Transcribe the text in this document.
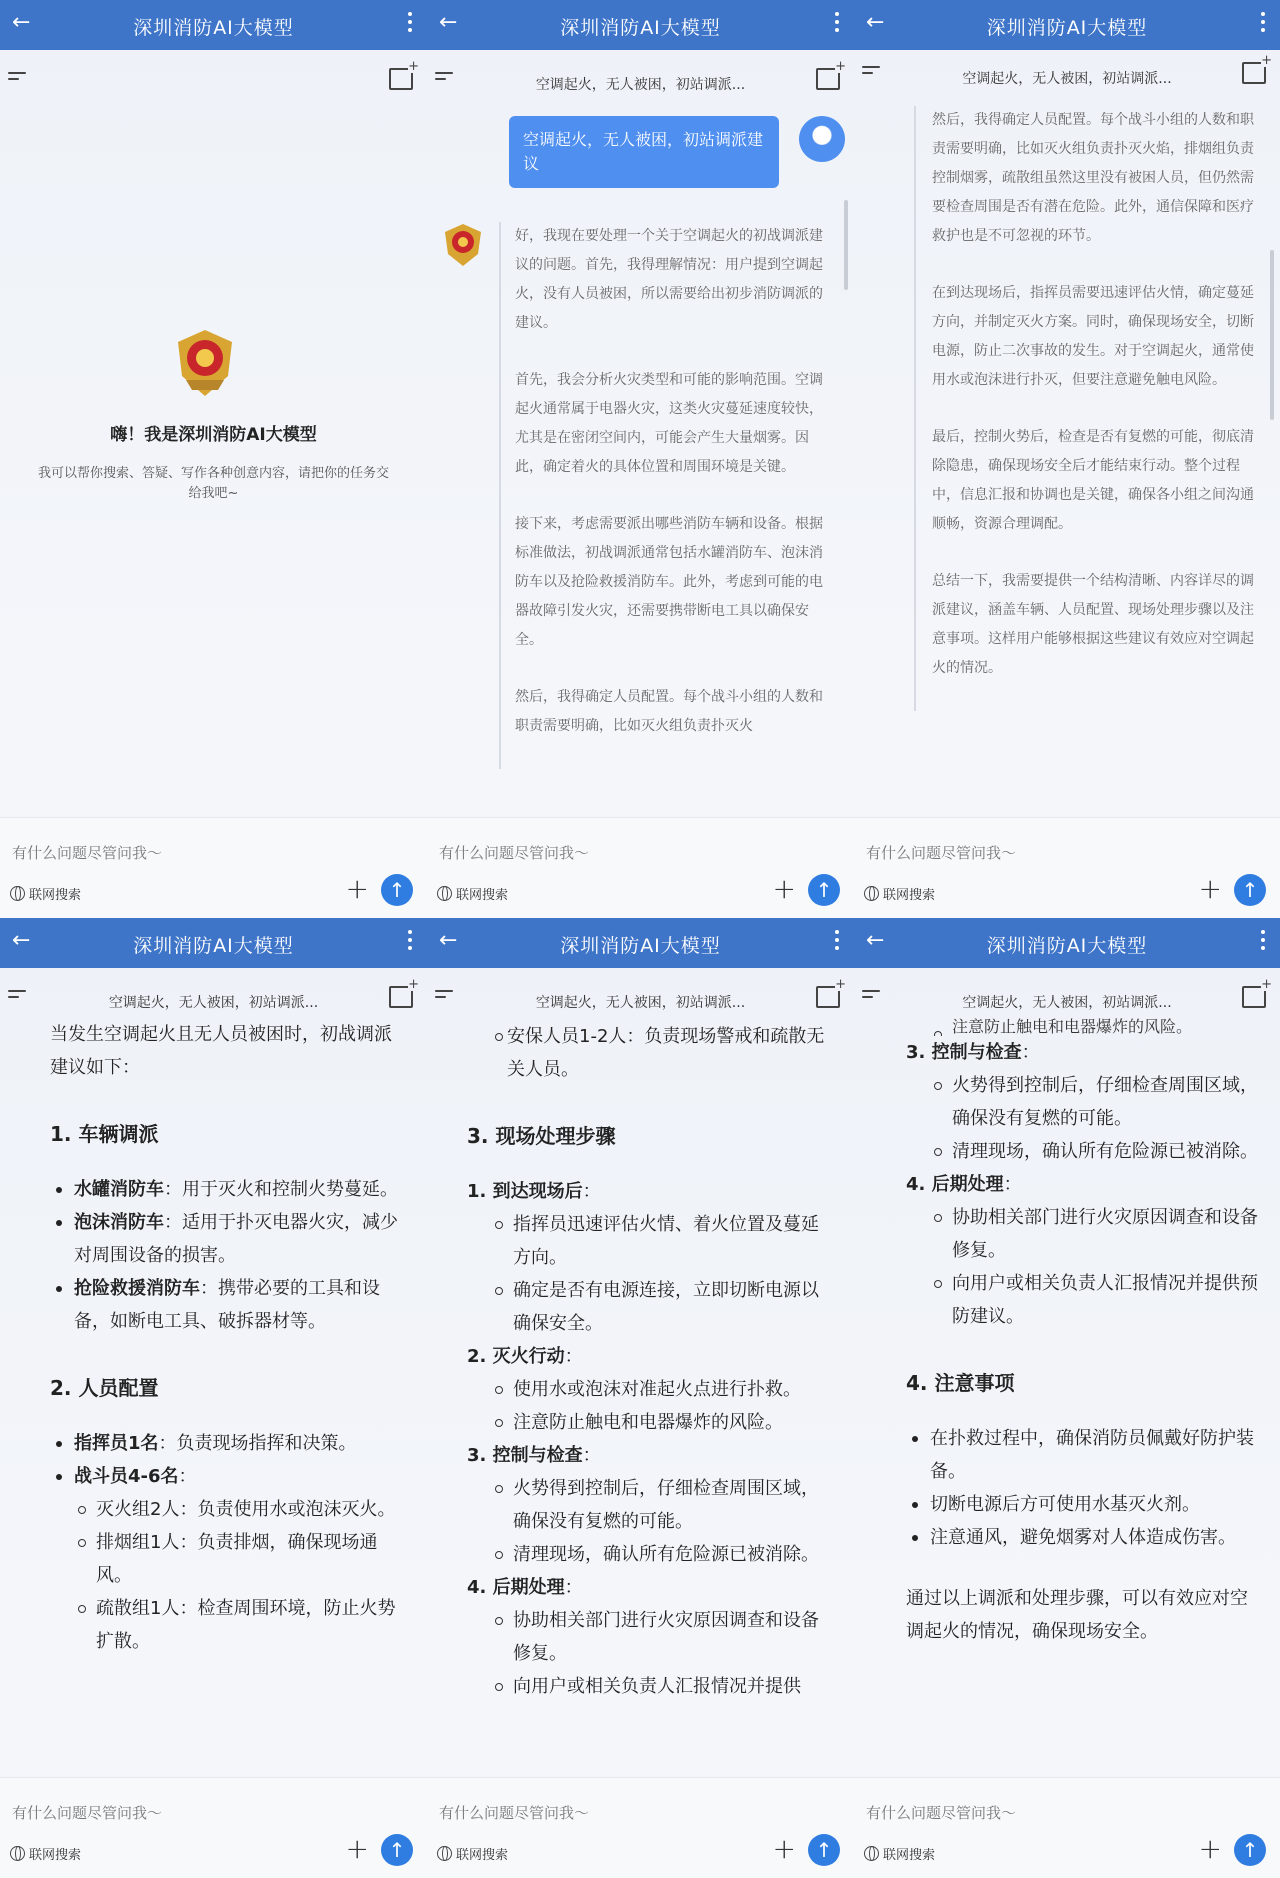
←	深圳消防AI大模型
+
嗨！我是深圳消防AI大模型
我可以帮你搜索、答疑、写作各种创意内容，请把你的任务交给我吧~
有什么问题尽管问我～
联网搜索	+ ↑
←	深圳消防AI大模型
空调起火，无人被困，初站调派...
+
空调起火，无人被困，初站调派建议

好，我现在要处理一个关于空调起火的初战调派建议的问题。首先，我得理解情况：用户提到空调起火，没有人员被困，所以需要给出初步消防调派的建议。

首先，我会分析火灾类型和可能的影响范围。空调起火通常属于电器火灾，这类火灾蔓延速度较快，尤其是在密闭空间内，可能会产生大量烟雾。因此，确定着火的具体位置和周围环境是关键。

接下来，考虑需要派出哪些消防车辆和设备。根据标准做法，初战调派通常包括水罐消防车、泡沫消防车以及抢险救援消防车。此外，考虑到可能的电器故障引发火灾，还需要携带断电工具以确保安全。

然后，我得确定人员配置。每个战斗小组的人数和职责需要明确，比如灭火组负责扑灭火

有什么问题尽管问我～
联网搜索	+ ↑
←	深圳消防AI大模型
空调起火，无人被困，初站调派...
+

然后，我得确定人员配置。每个战斗小组的人数和职责需要明确，比如灭火组负责扑灭火焰，排烟组负责控制烟雾，疏散组虽然这里没有被困人员，但仍然需要检查周围是否有潜在危险。此外，通信保障和医疗救护也是不可忽视的环节。

在到达现场后，指挥员需要迅速评估火情，确定蔓延方向，并制定灭火方案。同时，确保现场安全，切断电源，防止二次事故的发生。对于空调起火，通常使用水或泡沫进行扑灭，但要注意避免触电风险。

最后，控制火势后，检查是否有复燃的可能，彻底清除隐患，确保现场安全后才能结束行动。整个过程中，信息汇报和协调也是关键，确保各小组之间沟通顺畅，资源合理调配。

总结一下，我需要提供一个结构清晰、内容详尽的调派建议，涵盖车辆、人员配置、现场处理步骤以及注意事项。这样用户能够根据这些建议有效应对空调起火的情况。

有什么问题尽管问我～
联网搜索	+ ↑
←	深圳消防AI大模型
空调起火，无人被困，初站调派...
+

当发生空调起火且无人员被困时，初战调派建议如下：

1. 车辆调派
水罐消防车：用于灭火和控制火势蔓延。
泡沫消防车：适用于扑灭电器火灾，减少对周围设备的损害。
抢险救援消防车：携带必要的工具和设备，如断电工具、破拆器材等。
2. 人员配置
指挥员1名：负责现场指挥和决策。
战斗员4-6名：
灭火组2人：负责使用水或泡沫灭火。
排烟组1人：负责排烟，确保现场通风。
疏散组1人：检查周围环境，防止火势扩散。
有什么问题尽管问我～
联网搜索	+ ↑
←	深圳消防AI大模型
空调起火，无人被困，初站调派...
+
安保人员1-2人：负责现场警戒和疏散无关人员。
3. 现场处理步骤
1. 到达现场后：
指挥员迅速评估火情、着火位置及蔓延方向。
确定是否有电源连接，立即切断电源以确保安全。
2. 灭火行动：
使用水或泡沫对准起火点进行扑救。
注意防止触电和电器爆炸的风险。
3. 控制与检查：
火势得到控制后，仔细检查周围区域，确保没有复燃的可能。
清理现场，确认所有危险源已被消除。
4. 后期处理：
协助相关部门进行火灾原因调查和设备修复。
向用户或相关负责人汇报情况并提供
有什么问题尽管问我～
联网搜索	+ ↑
←	深圳消防AI大模型
空调起火，无人被困，初站调派...
+
注意防止触电和电器爆炸的风险。
3. 控制与检查：
火势得到控制后，仔细检查周围区域，确保没有复燃的可能。
清理现场，确认所有危险源已被消除。
4. 后期处理：
协助相关部门进行火灾原因调查和设备修复。
向用户或相关负责人汇报情况并提供预防建议。
4. 注意事项
在扑救过程中，确保消防员佩戴好防护装备。
切断电源后方可使用水基灭火剂。
注意通风，避免烟雾对人体造成伤害。

通过以上调派和处理步骤，可以有效应对空调起火的情况，确保现场安全。

有什么问题尽管问我～
联网搜索	+ ↑
